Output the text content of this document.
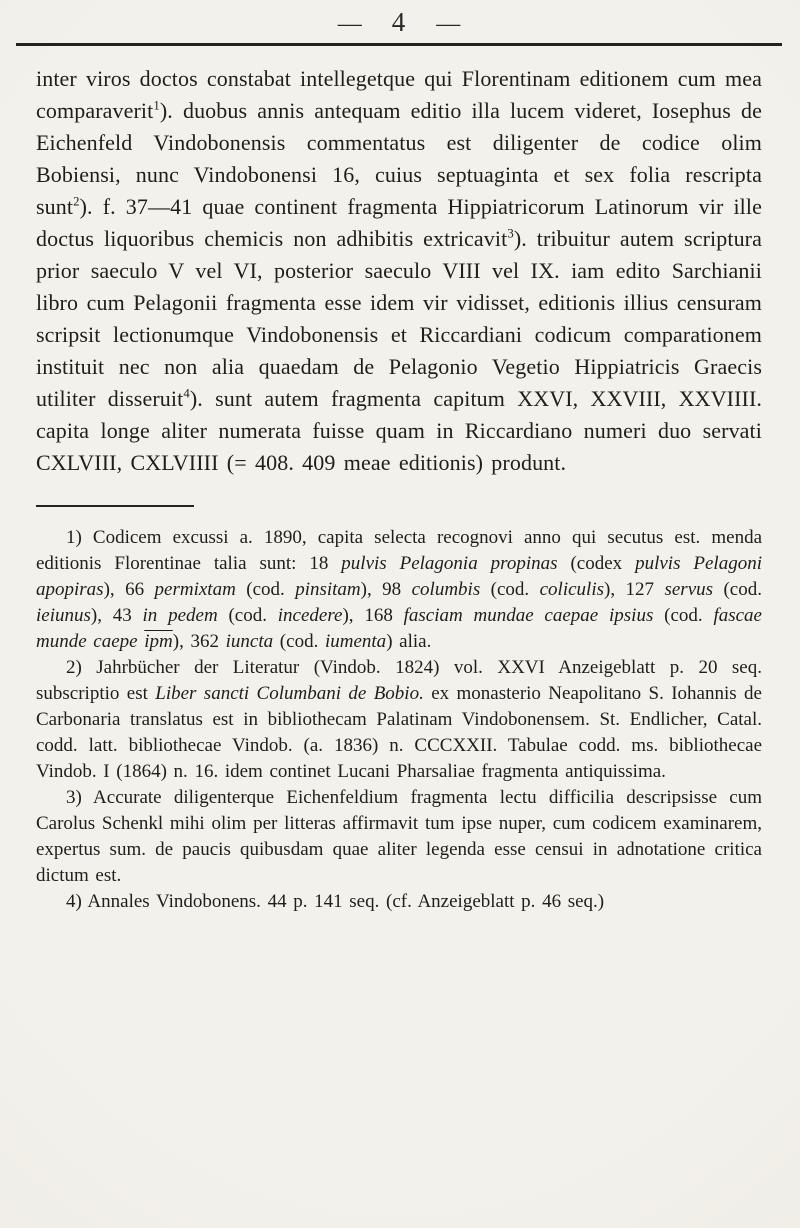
— 4 —

inter viros doctos constabat intellegetque qui Florentinam editionem cum mea comparaverit$^1$). duobus annis antequam editio illa lucem videret, Iosephus de Eichenfeld Vindobonensis commentatus est diligenter de codice olim Bobiensi, nunc Vindobonensi 16, cuius septuaginta et sex folia rescripta sunt$^2$). f. 37—41 quae continent fragmenta Hippiatricorum Latinorum vir ille doctus liquoribus chemicis non adhibitis extricavit$^3$). tribuitur autem scriptura prior saeculo V vel VI, posterior saeculo VIII vel IX. iam edito Sarchianii libro cum Pelagonii fragmenta esse idem vir vidisset, editionis illius censuram scripsit lectionumque Vindobonensis et Riccardiani codicum comparationem instituit nec non alia quaedam de Pelagonio Vegetio Hippiatricis Graecis utiliter disseruit$^4$). sunt autem fragmenta capitum XXVI, XXVIII, XXVIIII. capita longe aliter numerata fuisse quam in Riccardiano numeri duo servati CXLVIII, CXLVIIII (= 408. 409 meae editionis) produnt.

1) Codicem excussi a. 1890, capita selecta recognovi anno qui secutus est. menda editionis Florentinae talia sunt: 18 pulvis Pelagonia propinas (codex pulvis Pelagoni apopiras), 66 permixtam (cod. pinsitam), 98 columbis (cod. coliculis), 127 servus (cod. ieiunus), 43 in pedem (cod. incedere), 168 fasciam mundae caepae ipsius (cod. fascae munde caepe $\overline{ipm}$), 362 iuncta (cod. iumenta) alia.

2) Jahrbücher der Literatur (Vindob. 1824) vol. XXVI Anzeigeblatt p. 20 seq. subscriptio est Liber sancti Columbani de Bobio. ex monasterio Neapolitano S. Iohannis de Carbonaria translatus est in bibliothecam Palatinam Vindobonensem. St. Endlicher, Catal. codd. latt. bibliothecae Vindob. (a. 1836) n. CCCXXII. Tabulae codd. ms. bibliothecae Vindob. I (1864) n. 16. idem continet Lucani Pharsaliae fragmenta antiquissima.

3) Accurate diligenterque Eichenfeldium fragmenta lectu difficilia descripsisse cum Carolus Schenkl mihi olim per litteras affirmavit tum ipse nuper, cum codicem examinarem, expertus sum. de paucis quibusdam quae aliter legenda esse censui in adnotatione critica dictum est.

4) Annales Vindobonens. 44 p. 141 seq. (cf. Anzeigeblatt p. 46 seq.)
